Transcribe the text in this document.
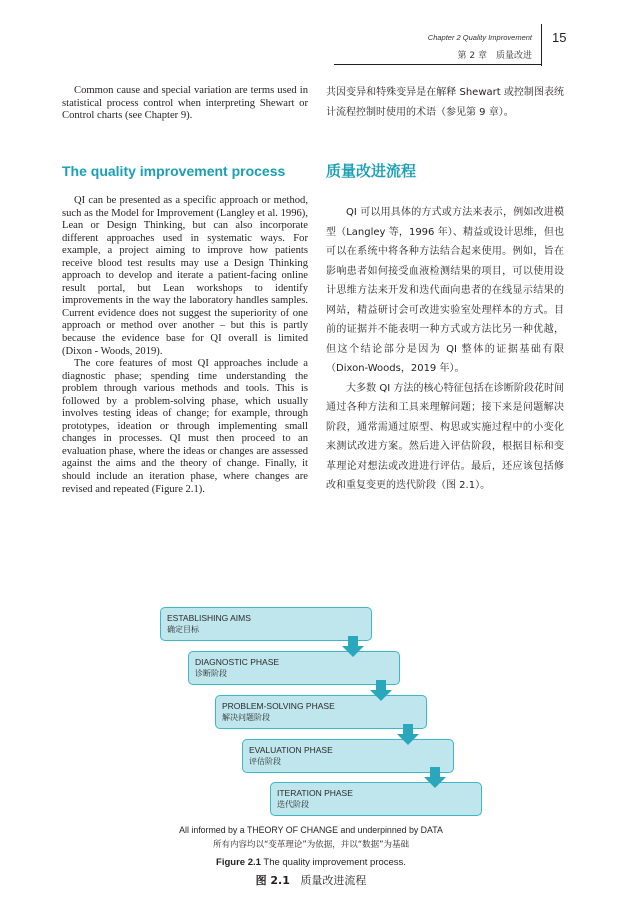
Chapter 2 Quality Improvement
第 2 章　质量改进
15

Common cause and special variation are terms used in statistical process control when interpreting Shewart or Control charts (see Chapter 9).

共因变异和特殊变异是在解释 Shewart 或控制图表统计流程控制时使用的术语（参见第 9 章）。

The quality improvement process	质量改进流程

QI can be presented as a specific approach or method, such as the Model for Improvement (Langley et al. 1996), Lean or Design Thinking, but can also incorporate different approaches used in systematic ways. For example, a project aiming to improve how patients receive blood test results may use a Design Thinking approach to develop and iterate a patient-facing online result portal, but Lean workshops to identify improvements in the way the laboratory handles samples. Current evidence does not suggest the superiority of one approach or method over another – but this is partly because the evidence base for QI overall is limited (Dixon - Woods, 2019).

The core features of most QI approaches include a diagnostic phase; spending time understanding the problem through various methods and tools. This is followed by a problem-solving phase, which usually involves testing ideas of change; for example, through prototypes, ideation or through implementing small changes in processes. QI must then proceed to an evaluation phase, where the ideas or changes are assessed against the aims and the theory of change. Finally, it should include an iteration phase, where changes are revised and repeated (Figure 2.1).

QI 可以用具体的方式或方法来表示，例如改进模型（Langley 等，1996 年）、精益或设计思维，但也可以在系统中将各种方法结合起来使用。例如，旨在影响患者如何接受血液检测结果的项目，可以使用设计思维方法来开发和迭代面向患者的在线显示结果的网站，精益研讨会可改进实验室处理样本的方式。目前的证据并不能表明一种方式或方法比另一种优越，但这个结论部分是因为 QI 整体的证据基础有限（Dixon-Woods，2019 年）。

大多数 QI 方法的核心特征包括在诊断阶段花时间通过各种方法和工具来理解问题；接下来是问题解决阶段，通常需通过原型、构思或实施过程中的小变化来测试改进方案。然后进入评估阶段，根据目标和变革理论对想法或改进进行评估。最后，还应该包括修改和重复变更的迭代阶段（图 2.1）。

ESTABLISHING AIMS
确定目标
DIAGNOSTIC PHASE
诊断阶段
PROBLEM-SOLVING PHASE
解决问题阶段
EVALUATION PHASE
评估阶段
ITERATION PHASE
迭代阶段
All informed by a THEORY OF CHANGE and underpinned by DATA
所有内容均以“变革理论”为依据，并以“数据”为基础
Figure 2.1 The quality improvement process.
图 2.1 质量改进流程
